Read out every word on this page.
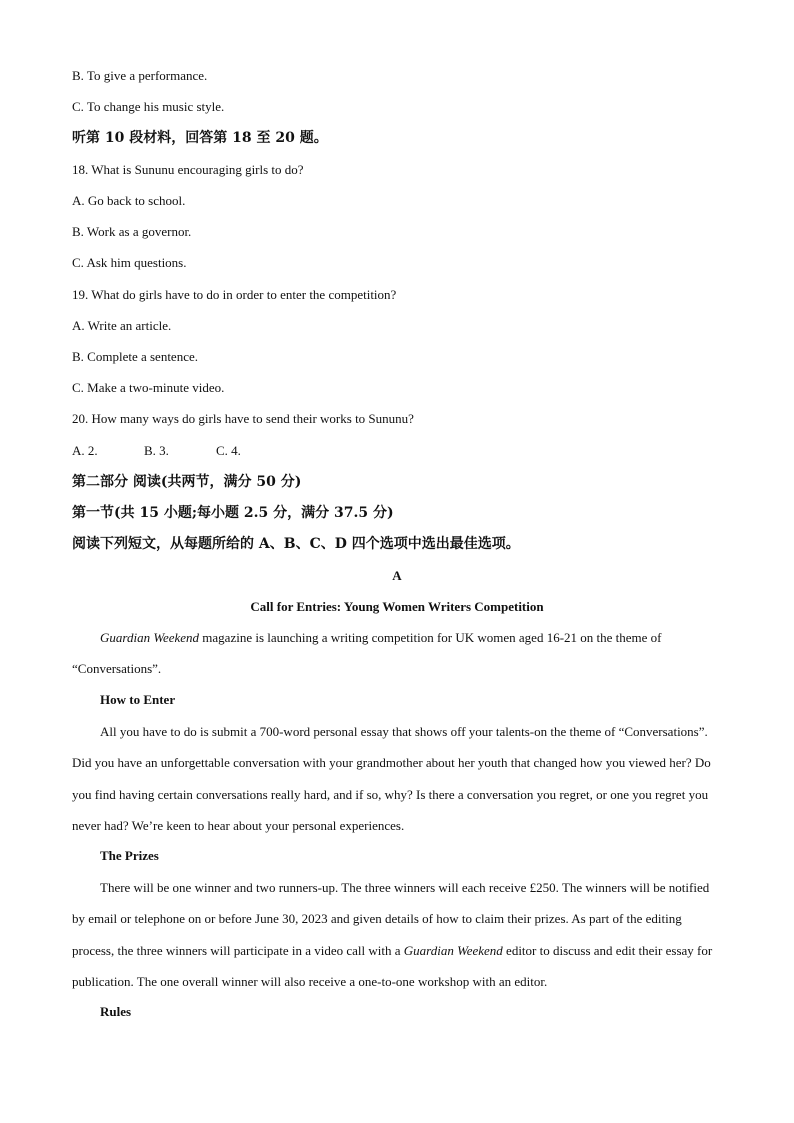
B. To give a performance.
C. To change his music style.
听第 10 段材料，回答第 18 至 20 题。
18. What is Sununu encouraging girls to do?
A. Go back to school.
B. Work as a governor.
C. Ask him questions.
19. What do girls have to do in order to enter the competition?
A. Write an article.
B. Complete a sentence.
C. Make a two-minute video.
20. How many ways do girls have to send their works to Sununu?
A. 2.	B. 3.	C. 4.
第二部分 阅读(共两节，满分 50 分)
第一节(共 15 小题;每小题 2.5 分，满分 37.5 分)
阅读下列短文，从每题所给的 A、B、C、D 四个选项中选出最佳选项。
A
Call for Entries: Young Women Writers Competition
Guardian Weekend magazine is launching a writing competition for UK women aged 16-21 on the theme of “Conversations”.
How to Enter
All you have to do is submit a 700-word personal essay that shows off your talents-on the theme of “Conversations”. Did you have an unforgettable conversation with your grandmother about her youth that changed how you viewed her? Do you find having certain conversations really hard, and if so, why? Is there a conversation you regret, or one you regret you never had? We’re keen to hear about your personal experiences.
The Prizes
There will be one winner and two runners-up. The three winners will each receive £250. The winners will be notified by email or telephone on or before June 30, 2023 and given details of how to claim their prizes. As part of the editing process, the three winners will participate in a video call with a Guardian Weekend editor to discuss and edit their essay for publication. The one overall winner will also receive a one-to-one workshop with an editor.
Rules
